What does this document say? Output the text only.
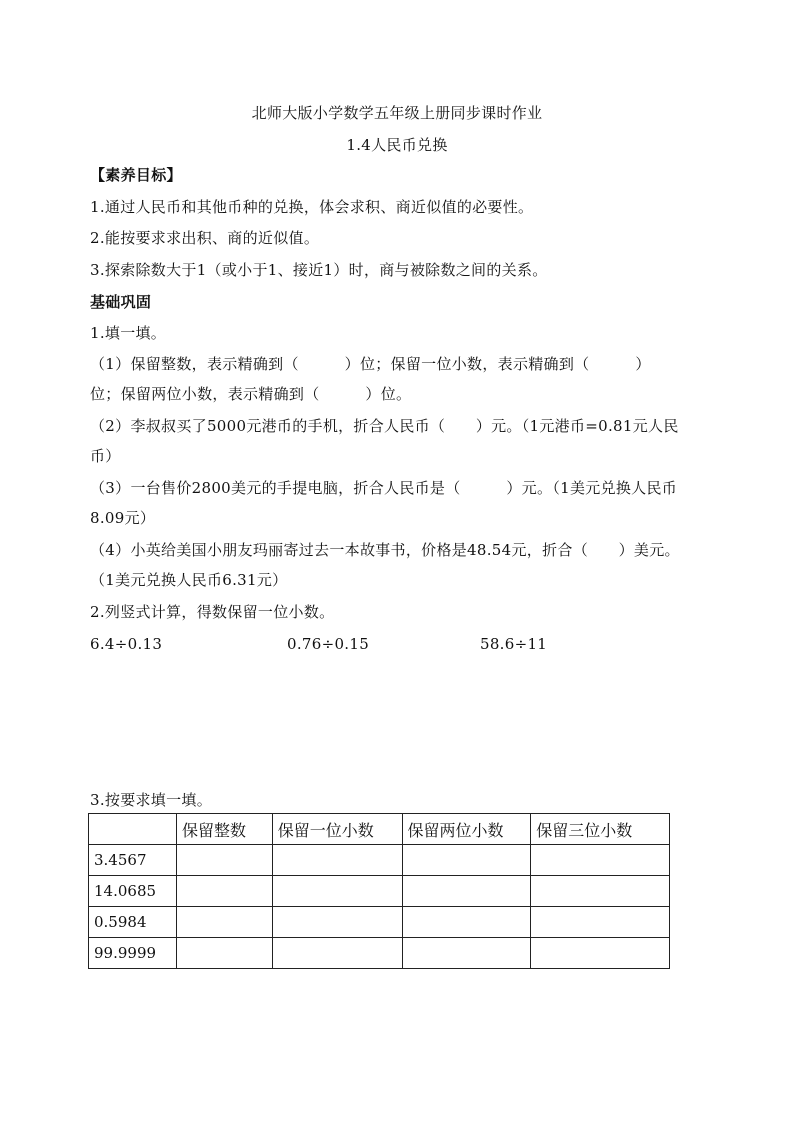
北师大版小学数学五年级上册同步课时作业
1.4人民币兑换
【素养目标】
1.通过人民币和其他币种的兑换，体会求积、商近似值的必要性。
2.能按要求求出积、商的近似值。
3.探索除数大于1（或小于1、接近1）时，商与被除数之间的关系。
基础巩固
1.填一填。
（1）保留整数，表示精确到（　　　）位；保留一位小数，表示精确到（　　　）
位；保留两位小数，表示精确到（　　　）位。
（2）李叔叔买了5000元港币的手机，折合人民币（　　）元。（1元港币=0.81元人民
币）
（3）一台售价2800美元的手提电脑，折合人民币是（　　　）元。（1美元兑换人民币
8.09元）
（4）小英给美国小朋友玛丽寄过去一本故事书，价格是48.54元，折合（　　）美元。
（1美元兑换人民币6.31元）
2.列竖式计算，得数保留一位小数。
6.4÷0.13	0.76÷0.15	58.6÷11
3.按要求填一填。
	保留整数	保留一位小数	保留两位小数	保留三位小数
3.4567				
14.0685				
0.5984				
99.9999				
